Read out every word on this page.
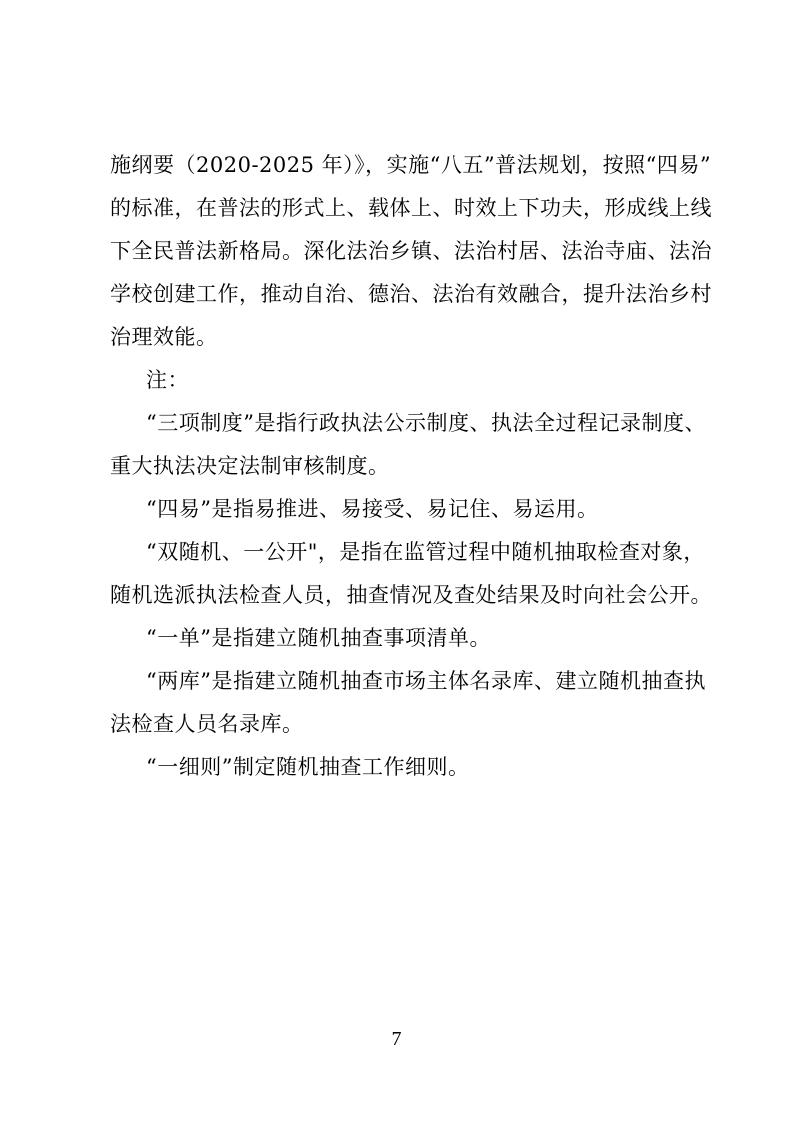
施纲要（2020-2025 年）》，实施“八五”普法规划，按照“四易”
的标准，在普法的形式上、载体上、时效上下功夫，形成线上线
下全民普法新格局。深化法治乡镇、法治村居、法治寺庙、法治
学校创建工作，推动自治、德治、法治有效融合，提升法治乡村
治理效能。
注：
“三项制度”是指行政执法公示制度、执法全过程记录制度、
重大执法决定法制审核制度。
“四易”是指易推进、易接受、易记住、易运用。
“双随机、一公开"，是指在监管过程中随机抽取检查对象，
随机选派执法检查人员，抽查情况及查处结果及时向社会公开。
“一单”是指建立随机抽查事项清单。
“两库”是指建立随机抽查市场主体名录库、建立随机抽查执
法检查人员名录库。
“一细则”制定随机抽查工作细则。
7
